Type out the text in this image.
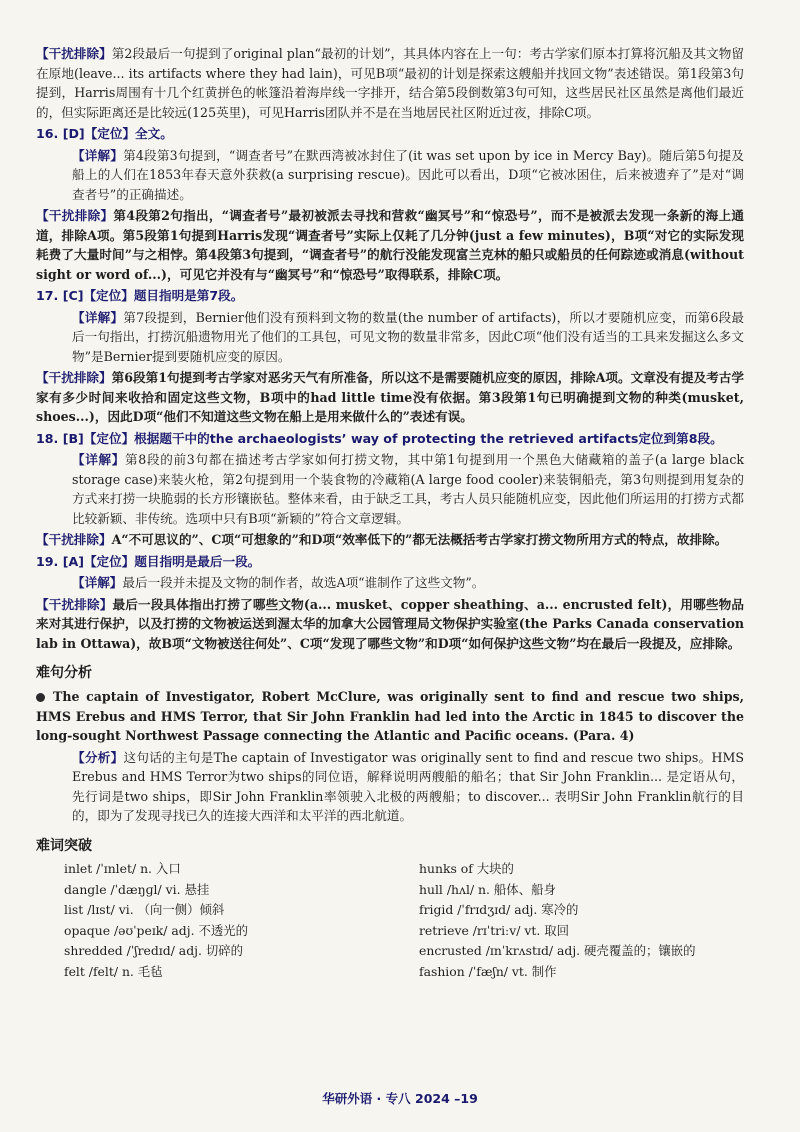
【干扰排除】第2段最后一句提到了original plan“最初的计划”，其具体内容在上一句：考古学家们原本打算将沉船及其文物留在原地(leave... its artifacts where they had lain)，可见B项“最初的计划是探索这艘船并找回文物”表述错误。第1段第3句提到，Harris周围有十几个红黄拼色的帐篷沿着海岸线一字排开，结合第5段倒数第3句可知，这些居民社区虽然是离他们最近的，但实际距离还是比较远(125英里)，可见Harris团队并不是在当地居民社区附近过夜，排除C项。

16. [D]【定位】全文。

【详解】第4段第3句提到，“调查者号”在默西湾被冰封住了(it was set upon by ice in Mercy Bay)。随后第5句提及船上的人们在1853年春天意外获救(a surprising rescue)。因此可以看出，D项“它被冰困住，后来被遗弃了”是对“调查者号”的正确描述。

【干扰排除】第4段第2句指出，“调查者号”最初被派去寻找和营救“幽冥号”和“惊恐号”，而不是被派去发现一条新的海上通道，排除A项。第5段第1句提到Harris发现“调查者号”实际上仅耗了几分钟(just a few minutes)，B项“对它的实际发现耗费了大量时间”与之相悖。第4段第3句提到，“调查者号”的航行没能发现富兰克林的船只或船员的任何踪迹或消息(without sight or word of...)，可见它并没有与“幽冥号”和“惊恐号”取得联系，排除C项。

17. [C]【定位】题目指明是第7段。

【详解】第7段提到，Bernier他们没有预料到文物的数量(the number of artifacts)，所以才要随机应变，而第6段最后一句指出，打捞沉船遗物用光了他们的工具包，可见文物的数量非常多，因此C项“他们没有适当的工具来发掘这么多文物”是Bernier提到要随机应变的原因。

【干扰排除】第6段第1句提到考古学家对恶劣天气有所准备，所以这不是需要随机应变的原因，排除A项。文章没有提及考古学家有多少时间来收拾和固定这些文物，B项中的had little time没有依据。第3段第1句已明确提到文物的种类(musket, shoes...)，因此D项“他们不知道这些文物在船上是用来做什么的”表述有误。

18. [B]【定位】根据题干中的the archaeologists’ way of protecting the retrieved artifacts定位到第8段。

【详解】第8段的前3句都在描述考古学家如何打捞文物，其中第1句提到用一个黑色大储藏箱的盖子(a large black storage case)来装火枪，第2句提到用一个装食物的冷藏箱(A large food cooler)来装铜船壳，第3句则提到用复杂的方式来打捞一块脆弱的长方形镶嵌毡。整体来看，由于缺乏工具，考古人员只能随机应变，因此他们所运用的打捞方式都比较新颖、非传统。选项中只有B项“新颖的”符合文章逻辑。

【干扰排除】A“不可思议的”、C项“可想象的”和D项“效率低下的”都无法概括考古学家打捞文物所用方式的特点，故排除。

19. [A]【定位】题目指明是最后一段。

【详解】最后一段并未提及文物的制作者，故选A项“谁制作了这些文物”。

【干扰排除】最后一段具体指出打捞了哪些文物(a... musket、copper sheathing、a... encrusted felt)，用哪些物品来对其进行保护，以及打捞的文物被运送到渥太华的加拿大公园管理局文物保护实验室(the Parks Canada conservation lab in Ottawa)，故B项“文物被送往何处”、C项“发现了哪些文物”和D项“如何保护这些文物”均在最后一段提及，应排除。

难句分析

The captain of Investigator, Robert McClure, was originally sent to find and rescue two ships, HMS Erebus and HMS Terror, that Sir John Franklin had led into the Arctic in 1845 to discover the long-sought Northwest Passage connecting the Atlantic and Pacific oceans. (Para. 4)

【分析】这句话的主句是The captain of Investigator was originally sent to find and rescue two ships。HMS Erebus and HMS Terror为two ships的同位语，解释说明两艘船的船名；that Sir John Franklin... 是定语从句，先行词是two ships，即Sir John Franklin率领驶入北极的两艘船；to discover... 表明Sir John Franklin航行的目的，即为了发现寻找已久的连接大西洋和太平洋的西北航道。

难词突破
inlet /ˈɪnlet/ n. 入口	hunks of 大块的
dangle /ˈdæŋɡl/ vi. 悬挂	hull /hʌl/ n. 船体、船身
list /lɪst/ vi. （向一侧）倾斜	frigid /ˈfrɪdʒɪd/ adj. 寒冷的
opaque /əʊˈpeɪk/ adj. 不透光的	retrieve /rɪˈtriːv/ vt. 取回
shredded /ˈʃredɪd/ adj. 切碎的	encrusted /ɪnˈkrʌstɪd/ adj. 硬壳覆盖的；镶嵌的
felt /felt/ n. 毛毡	fashion /ˈfæʃn/ vt. 制作
华研外语 · 专八 2024 –19
